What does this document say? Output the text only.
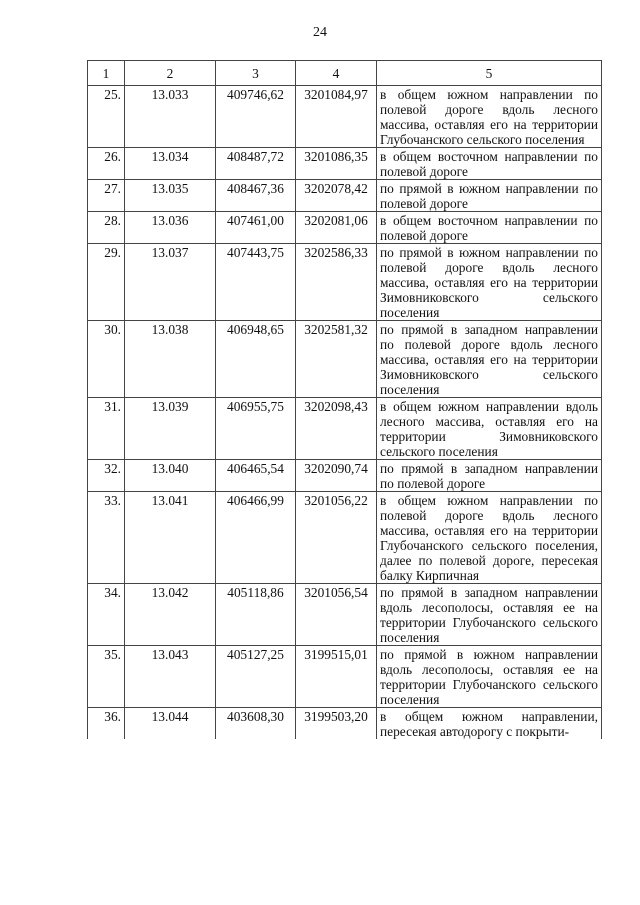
24
1	2	3	4	5
25.	13.033	409746,62	3201084,97	в общем южном направлении по полевой дороге вдоль лесного массива, оставляя его на территории Глубочанского сельского поселения
26.	13.034	408487,72	3201086,35	в общем восточном направлении по полевой дороге
27.	13.035	408467,36	3202078,42	по прямой в южном направлении по полевой дороге
28.	13.036	407461,00	3202081,06	в общем восточном направлении по полевой дороге
29.	13.037	407443,75	3202586,33	по прямой в южном направлении по полевой дороге вдоль лесного массива, оставляя его на территории Зимовниковского сельского поселения
30.	13.038	406948,65	3202581,32	по прямой в западном направлении по полевой дороге вдоль лесного массива, оставляя его на территории Зимовниковского сельского поселения
31.	13.039	406955,75	3202098,43	в общем южном направлении вдоль лесного массива, оставляя его на территории Зимовниковского сельского поселения
32.	13.040	406465,54	3202090,74	по прямой в западном направлении по полевой дороге
33.	13.041	406466,99	3201056,22	в общем южном направлении по полевой дороге вдоль лесного массива, оставляя его на территории Глубочанского сельского поселения, далее по полевой дороге, пересекая балку Кирпичная
34.	13.042	405118,86	3201056,54	по прямой в западном направлении вдоль лесополосы, оставляя ее на территории Глубочанского сельского поселения
35.	13.043	405127,25	3199515,01	по прямой в южном направлении вдоль лесополосы, оставляя ее на территории Глубочанского сельского поселения
36.	13.044	403608,30	3199503,20	в общем южном направлении, пересекая автодорогу с покрыти-
